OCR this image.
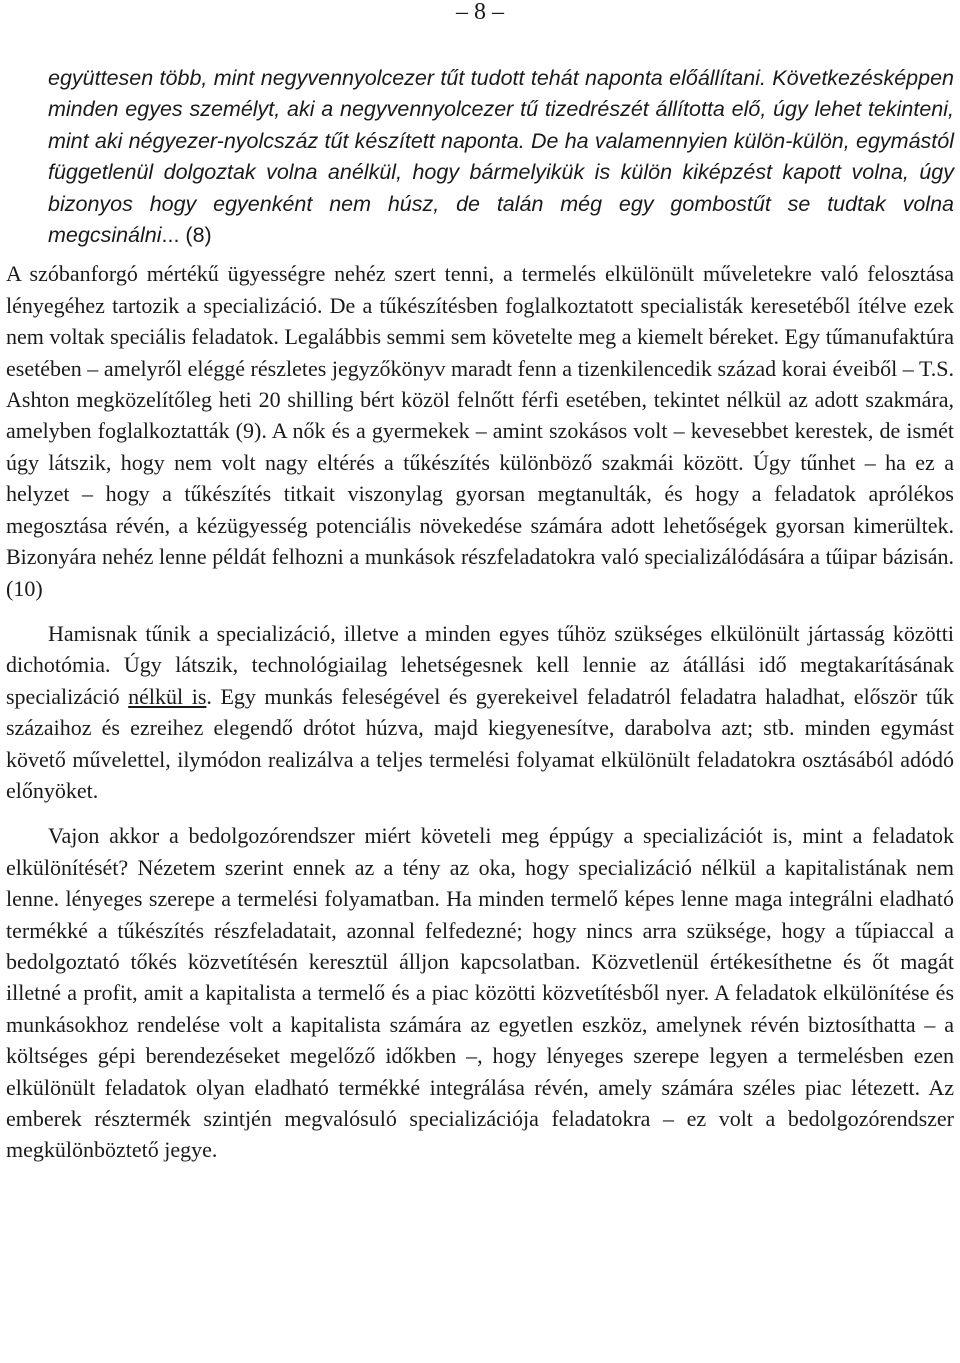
– 8 –

együttesen több, mint negyvennyolcezer tűt tudott tehát naponta előállítani. Következésképpen minden egyes személyt, aki a negyvennyolcezer tű tizedrészét állította elő, úgy lehet tekinteni, mint aki négyezer-nyolcszáz tűt készített naponta. De ha valamennyien külön-külön, egymástól függetlenül dolgoztak volna anélkül, hogy bármelyikük is külön kiképzést kapott volna, úgy bizonyos hogy egyenként nem húsz, de talán még egy gombostűt se tudtak volna megcsinálni... (8)

A szóbanforgó mértékű ügyességre nehéz szert tenni, a termelés elkülönült műveletekre való felosztása lényegéhez tartozik a specializáció. De a tűkészítésben foglalkoztatott specialisták keresetéből ítélve ezek nem voltak speciális feladatok. Legalábbis semmi sem követelte meg a kiemelt béreket. Egy tűmanufaktúra esetében – amelyről eléggé részletes jegyzőkönyv maradt fenn a tizenkilencedik század korai éveiből – T.S. Ashton megközelítőleg heti 20 shilling bért közöl felnőtt férfi esetében, tekintet nélkül az adott szakmára, amelyben foglalkoztatták (9). A nők és a gyermekek – amint szokásos volt – kevesebbet kerestek, de ismét úgy látszik, hogy nem volt nagy eltérés a tűkészítés különböző szakmái között. Úgy tűnhet – ha ez a helyzet – hogy a tűkészítés titkait viszonylag gyorsan megtanulták, és hogy a feladatok aprólékos megosztása révén, a kézügyesség potenciális növekedése számára adott lehetőségek gyorsan kimerültek. Bizonyára nehéz lenne példát felhozni a munkások részfeladatokra való specializálódására a tűipar bázisán. (10)

Hamisnak tűnik a specializáció, illetve a minden egyes tűhöz szükséges elkülönült jártasság közötti dichotómia. Úgy látszik, technológiailag lehetségesnek kell lennie az átállási idő megtakarításának specializáció nélkül is. Egy munkás feleségével és gyerekeivel feladatról feladatra haladhat, először tűk százaihoz és ezreihez elegendő drótot húzva, majd kiegyenesítve, darabolva azt; stb. minden egymást követő művelettel, ilymódon realizálva a teljes termelési folyamat elkülönült feladatokra osztásából adódó előnyöket.

Vajon akkor a bedolgozórendszer miért követeli meg éppúgy a specializációt is, mint a feladatok elkülönítését? Nézetem szerint ennek az a tény az oka, hogy specializáció nélkül a kapitalistának nem lenne. lényeges szerepe a termelési folyamatban. Ha minden termelő képes lenne maga integrálni eladható termékké a tűkészítés részfeladatait, azonnal felfedezné; hogy nincs arra szüksége, hogy a tűpiaccal a bedolgoztató tőkés közvetítésén keresztül álljon kapcsolatban. Közvetlenül értékesíthetne és őt magát illetné a profit, amit a kapitalista a termelő és a piac közötti közvetítésből nyer. A feladatok elkülönítése és munkásokhoz rendelése volt a kapitalista számára az egyetlen eszköz, amelynek révén biztosíthatta – a költséges gépi berendezéseket megelőző időkben –, hogy lényeges szerepe legyen a termelésben ezen elkülönült feladatok olyan eladható termékké integrálása révén, amely számára széles piac létezett. Az emberek résztermék szintjén megvalósuló specializációja feladatokra – ez volt a bedolgozórendszer megkülönböztető jegye.
